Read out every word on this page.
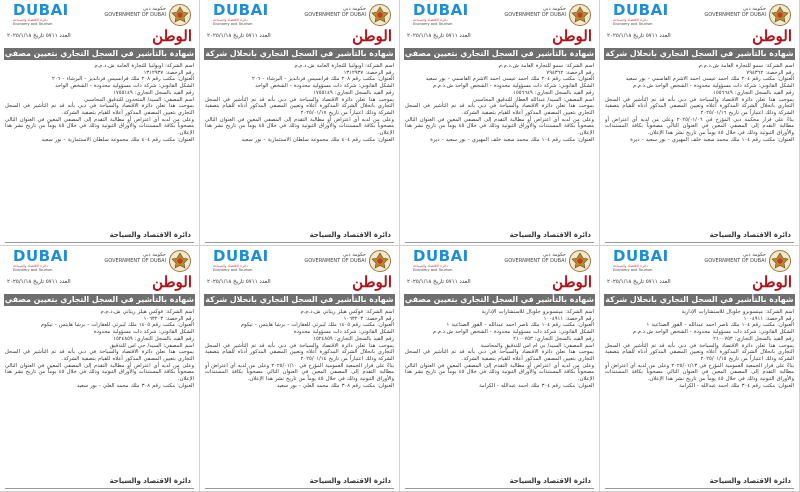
DUBAI
دائرة الاقتصاد والسياحة
Economy and Tourism
حكومة دبي
GOVERNMENT OF DUBAI
الوطن
العدد ٥٧١١ تاريخ ٢٠٢٥/١/١٨
شهادة بالتأشير في السجل التجاري بتعيين مصفي

اسم الشركة: اوبولنيا للتجارة العامة ش.ذ.م.م

رقم الرخصة: ١٣١٢٩٣٧

العنوان: مكتب رقم ٢٠٨ ملك فرانسيس فرنانديز - البرشاء - ٢٠٦

الشكل القانوني: شركة ذات مسؤولية محدودة - الشخص الواحد

رقم القيد بالسجل التجاري: ١٧٥٥١٤٩

اسم المصفي: السيد/ المتحدون للتدقيق المحاسبي

بموجب هذا تعلن دائرة الاقتصاد والسياحة في دبي بأنه قد تم التأشير في السجل التجاري بتعيين المصفي المذكور أعلاه للقيام بتصفية الشركة.

وعلى من لديه أي اعتراض أو مطالبة التقدم إلى المصفي المعين في العنوان التالي مصحوباً بكافة المستندات والأوراق الثبوتية وذلك في خلال ٤٥ يوماً من تاريخ نشر هذا الإعلان.

العنوان: مكتب رقم ٤٠٤ ملك مجموعة سلطان الاستثمارية - بور سعيد

دائرة الاقتصاد والسياحة
DUBAI
دائرة الاقتصاد والسياحة
Economy and Tourism
حكومة دبي
GOVERNMENT OF DUBAI
الوطن
العدد ٥٧١١ تاريخ ٢٠٢٥/١/١٨
شهادة بالتأشير في السجل التجاري بانحلال شركة

اسم الشركة: اوبولنيا للتجارة العامة ش.ذ.م.م

رقم الرخصة: ١٣١٢٩٣٧

العنوان: مكتب رقم ٢٠٨ ملك فرانسيس فرنانديز - البرشاء - ٢٠٦

الشكل القانوني: شركة ذات مسؤولية محدودة - الشخص الواحد

رقم القيد بالسجل التجاري: ١٧٥٥١٤٩

بموجب هذا تعلن دائرة الاقتصاد والسياحة في دبي بأنه قد تم التأشير في السجل التجاري بانحلال الشركة المذكورة أعلاه وتعيين المصفي المذكور أدناه للقيام بتصفية الشركة وذلك اعتباراً من تاريخ ٢٠٢٥/٠١/١٧

وعلى من لديه أي اعتراض أو مطالبة التقدم إلى المصفي المعين في العنوان التالي مصحوباً بكافة المستندات والأوراق الثبوتية وذلك في خلال ٤٥ يوماً من تاريخ نشر هذا الإعلان.

العنوان: مكتب رقم ٤٠٤ ملك مجموعة سلطان الاستثمارية - بور سعيد

دائرة الاقتصاد والسياحة
DUBAI
دائرة الاقتصاد والسياحة
Economy and Tourism
حكومة دبي
GOVERNMENT OF DUBAI
الوطن
العدد ٥٧١١ تاريخ ٢٠٢٥/١/١٨
شهادة بالتأشير في السجل التجاري بتعيين مصفي

اسم الشركة: سمو للتجارة العامة ش.ذ.م.م

رقم الرخصة: ٧٩٤٣٦٢

العنوان: مكتب رقم ٢٠٤ ملك احمد عيسى احمد الاشرم القاسمي - بور سعيد

الشكل القانوني: شركة ذات مسؤولية محدودة - الشخص الواحد ش.ذ.م.م

رقم القيد بالسجل التجاري: ١٥٥٦٦٤٩

اسم المصفي: السيد/ عبدالله العطار للتدقيق المحاسبي

بموجب هذا تعلن دائرة الاقتصاد والسياحة في دبي بأنه قد تم التأشير في السجل التجاري بتعيين المصفي المذكور أعلاه للقيام بتصفية الشركة.

وعلى من لديه أي اعتراض أو مطالبة التقدم إلى المصفي المعين في العنوان التالي مصحوباً بكافة المستندات والأوراق الثبوتية وذلك في خلال ٤٥ يوماً من تاريخ نشر هذا الإعلان.

العنوان: مكتب رقم ١٠٤ ملك محمد سعيد خلف المهيري - بور سعيد - ديرة

دائرة الاقتصاد والسياحة
DUBAI
دائرة الاقتصاد والسياحة
Economy and Tourism
حكومة دبي
GOVERNMENT OF DUBAI
الوطن
العدد ٥٧١١ تاريخ ٢٠٢٥/١/١٨
شهادة بالتأشير في السجل التجاري بانحلال شركة

اسم الشركة: سمو للتجارة العامة ش.ذ.م.م

رقم الرخصة: ٧٩٤٣٦٢

العنوان: مكتب رقم ٢٠٤ ملك احمد عيسى احمد الاشرم القاسمي - بور سعيد

الشكل القانوني: شركة ذات مسؤولية محدودة - الشخص الواحد ش.ذ.م.م

رقم القيد بالسجل التجاري: ١٥٥٦٦٤٩

بموجب هذا تعلن دائرة الاقتصاد والسياحة في دبي بأنه قد تم التأشير في السجل التجاري بانحلال الشركة المذكورة أعلاه وتعيين المصفي المذكور أدناه للقيام بتصفية الشركة وذلك اعتباراً من تاريخ ٢٠٢٥/٠١/١٦

بناءً على قرار محكمة دبي المؤرخ في ٢٠٢٥/٠١/٠٦ وعلى من لديه أي اعتراض أو مطالبة التقدم إلى المصفي المعين في العنوان التالي مصحوباً بكافة المستندات والأوراق الثبوتية وذلك في خلال ٤٥ يوماً من تاريخ نشر هذا الإعلان.

العنوان: مكتب رقم ١٠٤ ملك محمد سعيد خلف المهيري - بور سعيد - ديرة

دائرة الاقتصاد والسياحة
DUBAI
دائرة الاقتصاد والسياحة
Economy and Tourism
حكومة دبي
GOVERNMENT OF DUBAI
الوطن
العدد ٥٧١١ تاريخ ٢٠٢٥/١/١٨
شهادة بالتأشير في السجل التجاري بتعيين مصفي

اسم الشركة: فوكس هيلز ريتاني ش.ذ.م.م

رقم الرخصة: ١٠٦٣٢٠٣

العنوان: مكتب رقم ١٤٠٥ ملك ليبرتي للعقارات - برشا هايتس - تيكوم

الشكل القانوني: شركة ذات مسؤولية محدودة

رقم القيد بالسجل التجاري: ١٥٢٤٨٥٩

اسم المصفي: السيد/ جي اس للتدقيق

بموجب هذا تعلن دائرة الاقتصاد والسياحة في دبي بأنه قد تم التأشير في السجل التجاري بتعيين المصفي المذكور أعلاه للقيام بتصفية الشركة.

وعلى من لديه أي اعتراض أو مطالبة التقدم إلى المصفي المعين في العنوان التالي مصحوباً بكافة المستندات والأوراق الثبوتية وذلك في خلال ٤٥ يوماً من تاريخ نشر هذا الإعلان.

العنوان: مكتب رقم ٣٠٨ ملك محمد العلي - بور سعيد

دائرة الاقتصاد والسياحة
DUBAI
دائرة الاقتصاد والسياحة
Economy and Tourism
حكومة دبي
GOVERNMENT OF DUBAI
الوطن
العدد ٥٧١١ تاريخ ٢٠٢٥/١/١٨
شهادة بالتأشير في السجل التجاري بانحلال شركة

اسم الشركة: فوكس هيلز ريتاني ش.ذ.م.م

رقم الرخصة: ١٠٦٣٢٠٣

العنوان: مكتب رقم ١٤٠٥ ملك ليبرتي للعقارات - برشا هايتس - تيكوم

الشكل القانوني: شركة ذات مسؤولية محدودة

رقم القيد بالسجل التجاري: ١٥٢٤٨٥٩

بموجب هذا تعلن دائرة الاقتصاد والسياحة في دبي بأنه قد تم التأشير في السجل التجاري بانحلال الشركة المذكورة أعلاه وتعيين المصفي المذكور أدناه للقيام بتصفية الشركة وذلك اعتباراً من تاريخ ٢٠٢٥/٠١/١٤

بناءً على قرار الجمعية العمومية المؤرخ في ٢٠٢٥/٠١/١٠ وعلى من لديه أي اعتراض أو مطالبة التقدم إلى المصفي المعين في العنوان التالي مصحوباً بكافة المستندات والأوراق الثبوتية وذلك في خلال ٤٥ يوماً من تاريخ نشر هذا الإعلان.

العنوان: مكتب رقم ٣٠٨ ملك محمد العلي - بور سعيد

دائرة الاقتصاد والسياحة
DUBAI
دائرة الاقتصاد والسياحة
Economy and Tourism
حكومة دبي
GOVERNMENT OF DUBAI
الوطن
العدد ٥٧١١ تاريخ ٢٠٢٥/١/١٨
شهادة بالتأشير في السجل التجاري بتعيين مصفي

اسم الشركة: ميتسوبرو جلوبال للاستشارات الإدارية

رقم الرخصة: ١٠٠٤٩١١

العنوان: مكتب رقم ١٠٤ ملك ناصر احمد عبدالله - القوز الصناعية ١

الشكل القانوني: شركة ذات مسؤولية محدودة - الشخص الواحد ش.ذ.م.م

رقم القيد بالسجل التجاري: ٢١٠٠٧٥٣

اسم المصفي: السيد/ بي ام اس للتدقيق والمحاسبة

بموجب هذا تعلن دائرة الاقتصاد والسياحة في دبي بأنه قد تم التأشير في السجل التجاري بتعيين المصفي المذكور أعلاه للقيام بتصفية الشركة.

وعلى من لديه أي اعتراض أو مطالبة التقدم إلى المصفي المعين في العنوان التالي مصحوباً بكافة المستندات والأوراق الثبوتية وذلك في خلال ٤٥ يوماً من تاريخ نشر هذا الإعلان.

العنوان: مكتب رقم ٣٠٤ ملك احمد عبدالله - الكرامة

دائرة الاقتصاد والسياحة
DUBAI
دائرة الاقتصاد والسياحة
Economy and Tourism
حكومة دبي
GOVERNMENT OF DUBAI
الوطن
العدد ٥٧١١ تاريخ ٢٠٢٥/١/١٨
شهادة بالتأشير في السجل التجاري بانحلال شركة

اسم الشركة: ميتسوبرو جلوبال للاستشارات الإدارية

رقم الرخصة: ١٠٠٤٩١١

العنوان: مكتب رقم ١٠٤ ملك ناصر احمد عبدالله - القوز الصناعية ١

الشكل القانوني: شركة ذات مسؤولية محدودة - الشخص الواحد ش.ذ.م.م

رقم القيد بالسجل التجاري: ٢١٠٠٧٥٣

بموجب هذا تعلن دائرة الاقتصاد والسياحة في دبي بأنه قد تم التأشير في السجل التجاري بانحلال الشركة المذكورة أعلاه وتعيين المصفي المذكور أدناه للقيام بتصفية الشركة وذلك اعتباراً من تاريخ ٢٠٢٥/٠١/١٥

بناءً على قرار الجمعية العمومية المؤرخ في ٢٠٢٥/٠١/١٣ وعلى من لديه أي اعتراض أو مطالبة التقدم إلى المصفي المعين في العنوان التالي مصحوباً بكافة المستندات والأوراق الثبوتية وذلك في خلال ٤٥ يوماً من تاريخ نشر هذا الإعلان.

العنوان: مكتب رقم ٣٠٤ ملك احمد عبدالله - الكرامة

دائرة الاقتصاد والسياحة
